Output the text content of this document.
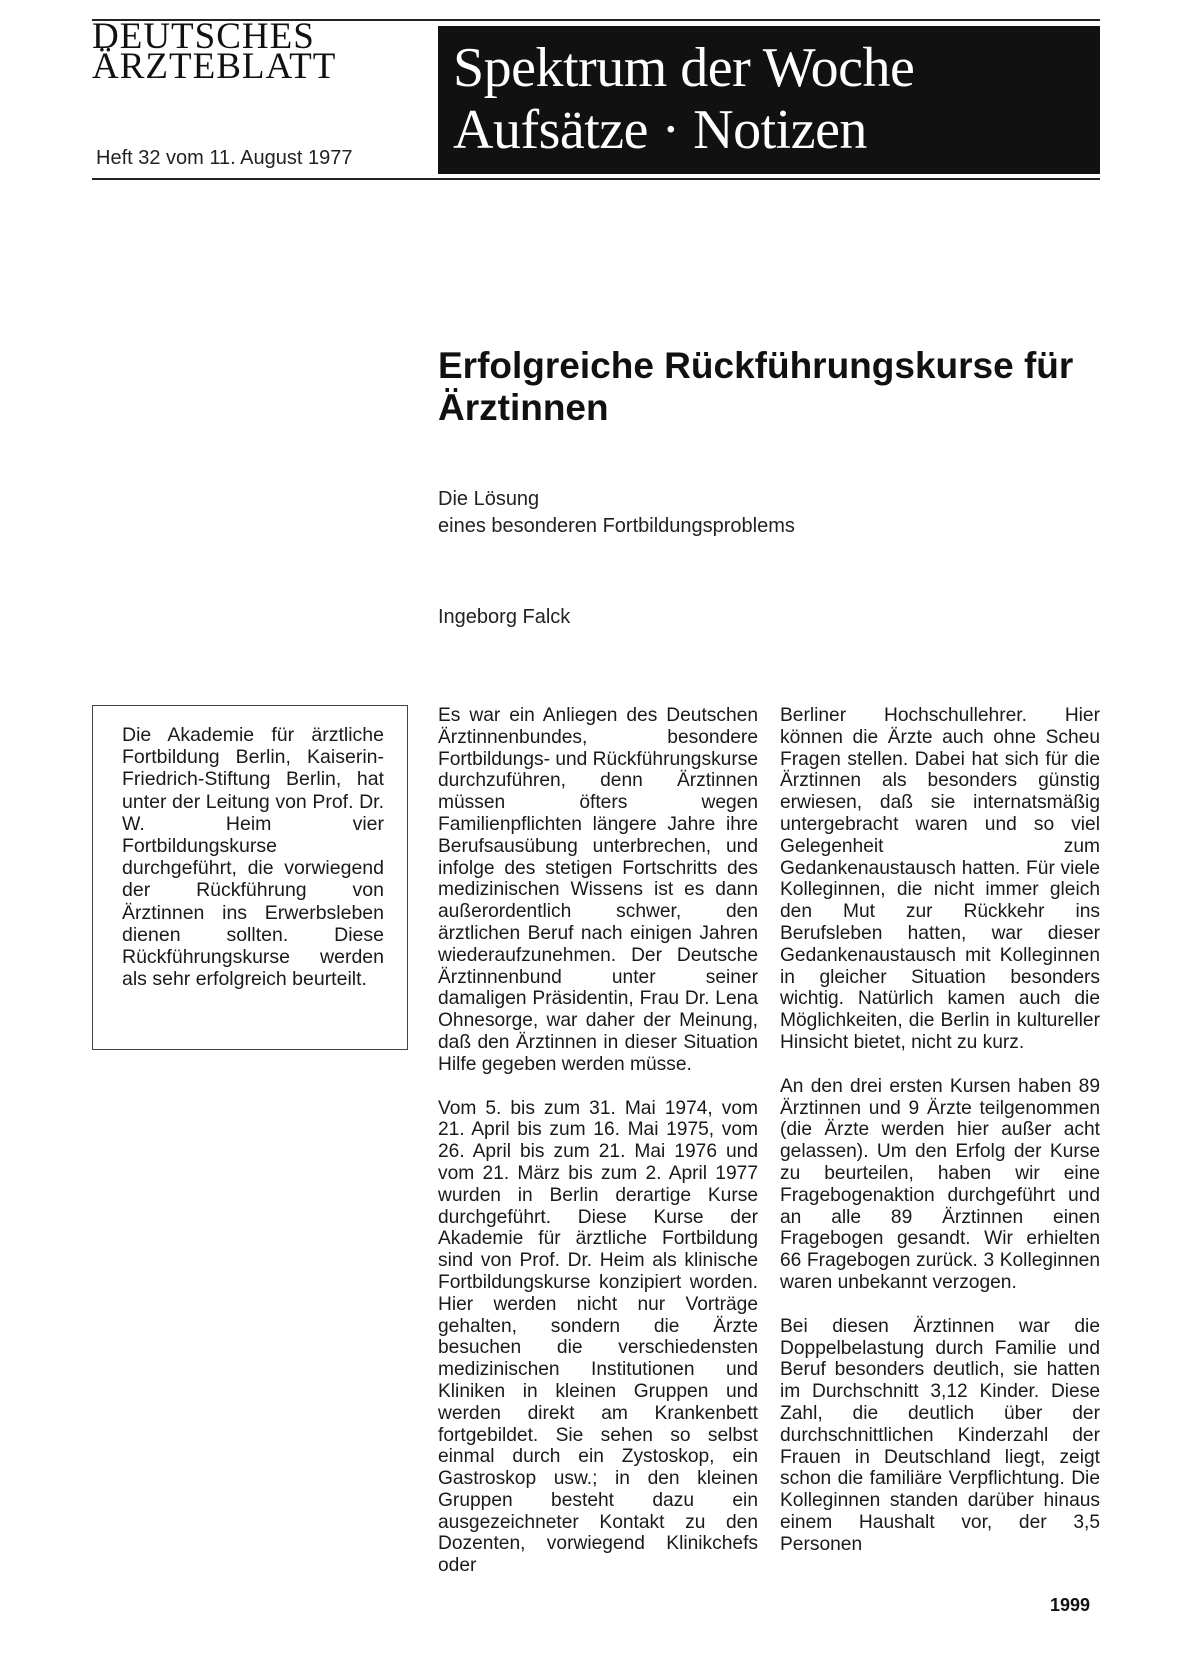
DEUTSCHES
ÄRZTEBLATT
Heft 32 vom 11. August 1977
Spektrum der Woche
Aufsätze · Notizen
Erfolgreiche Rückführungskurse für Ärztinnen
Die Lösung
eines besonderen Fortbildungsproblems
Ingeborg Falck
Die Akademie für ärztliche Fortbildung Berlin, Kaiserin-Friedrich-Stiftung Berlin, hat unter der Leitung von Prof. Dr. W. Heim vier Fortbildungskurse durchgeführt, die vorwiegend der Rückführung von Ärztinnen ins Erwerbsleben dienen sollten. Diese Rückführungskurse werden als sehr erfolgreich beurteilt.

Es war ein Anliegen des Deutschen Ärztinnenbundes, besondere Fortbildungs- und Rückführungskurse durchzuführen, denn Ärztinnen müssen öfters wegen Familienpflichten längere Jahre ihre Berufsausübung unterbrechen, und infolge des stetigen Fortschritts des medizinischen Wissens ist es dann außerordentlich schwer, den ärztlichen Beruf nach einigen Jahren wiederaufzunehmen. Der Deutsche Ärztinnenbund unter seiner damaligen Präsidentin, Frau Dr. Lena Ohnesorge, war daher der Meinung, daß den Ärztinnen in dieser Situation Hilfe gegeben werden müsse.

Vom 5. bis zum 31. Mai 1974, vom 21. April bis zum 16. Mai 1975, vom 26. April bis zum 21. Mai 1976 und vom 21. März bis zum 2. April 1977 wurden in Berlin derartige Kurse durchgeführt. Diese Kurse der Akademie für ärztliche Fortbildung sind von Prof. Dr. Heim als klinische Fortbildungskurse konzipiert worden. Hier werden nicht nur Vorträge gehalten, sondern die Ärzte besuchen die verschiedensten medizinischen Institutionen und Kliniken in kleinen Gruppen und werden direkt am Krankenbett fortgebildet. Sie sehen so selbst einmal durch ein Zystoskop, ein Gastroskop usw.; in den kleinen Gruppen besteht dazu ein ausgezeichneter Kontakt zu den Dozenten, vorwiegend Klinikchefs oder

Berliner Hochschullehrer. Hier können die Ärzte auch ohne Scheu Fragen stellen. Dabei hat sich für die Ärztinnen als besonders günstig erwiesen, daß sie internatsmäßig untergebracht waren und so viel Gelegenheit zum Gedankenaustausch hatten. Für viele Kolleginnen, die nicht immer gleich den Mut zur Rückkehr ins Berufsleben hatten, war dieser Gedankenaustausch mit Kolleginnen in gleicher Situation besonders wichtig. Natürlich kamen auch die Möglichkeiten, die Berlin in kultureller Hinsicht bietet, nicht zu kurz.

An den drei ersten Kursen haben 89 Ärztinnen und 9 Ärzte teilgenommen (die Ärzte werden hier außer acht gelassen). Um den Erfolg der Kurse zu beurteilen, haben wir eine Fragebogenaktion durchgeführt und an alle 89 Ärztinnen einen Fragebogen gesandt. Wir erhielten 66 Fragebogen zurück. 3 Kolleginnen waren unbekannt verzogen.

Bei diesen Ärztinnen war die Doppelbelastung durch Familie und Beruf besonders deutlich, sie hatten im Durchschnitt 3,12 Kinder. Diese Zahl, die deutlich über der durchschnittlichen Kinderzahl der Frauen in Deutschland liegt, zeigt schon die familiäre Verpflichtung. Die Kolleginnen standen darüber hinaus einem Haushalt vor, der 3,5 Personen

1999
